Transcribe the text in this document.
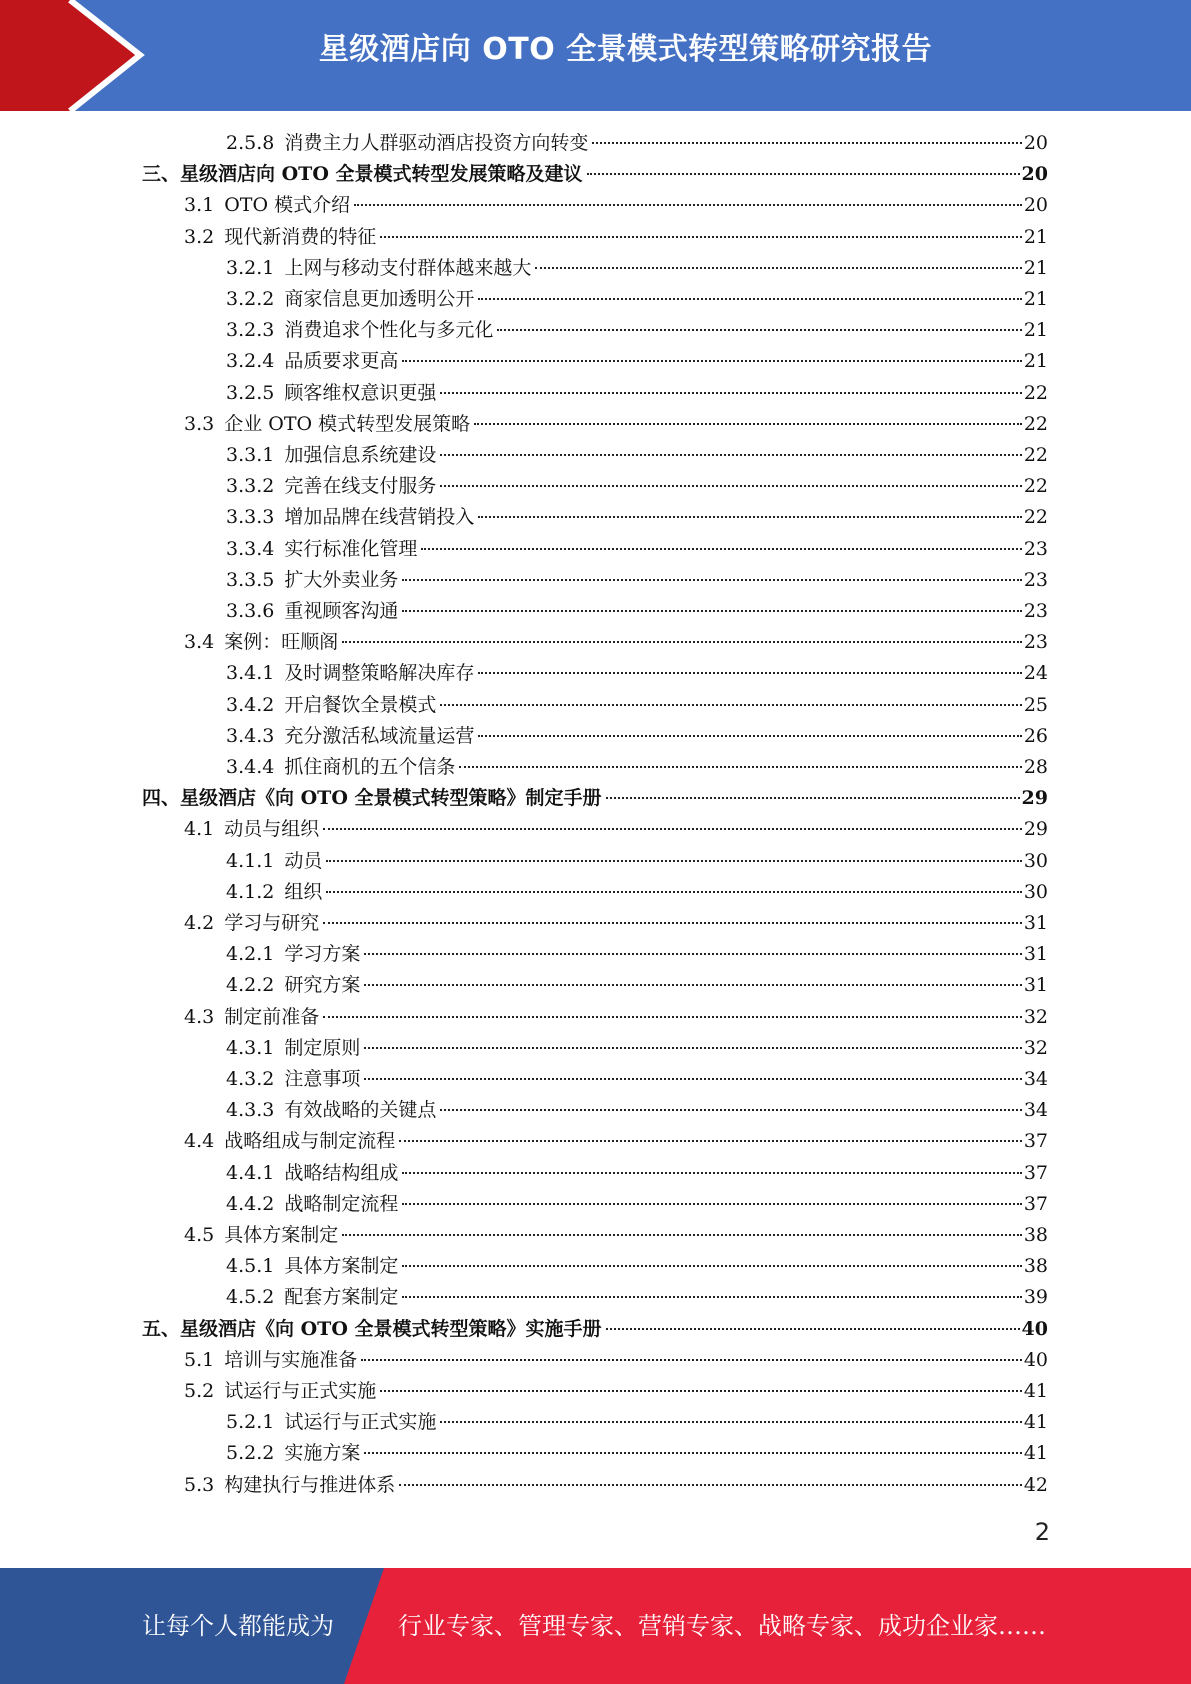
星级酒店向 OTO 全景模式转型策略研究报告
2.5.8 消费主力人群驱动酒店投资方向转变	20
三、 星级酒店向 OTO 全景模式转型发展策略及建议	20
3.1 OTO 模式介绍	20
3.2 现代新消费的特征	21
3.2.1 上网与移动支付群体越来越大	21
3.2.2 商家信息更加透明公开	21
3.2.3 消费追求个性化与多元化	21
3.2.4 品质要求更高	21
3.2.5 顾客维权意识更强	22
3.3 企业 OTO 模式转型发展策略	22
3.3.1 加强信息系统建设	22
3.3.2 完善在线支付服务	22
3.3.3 增加品牌在线营销投入	22
3.3.4 实行标准化管理	23
3.3.5 扩大外卖业务	23
3.3.6 重视顾客沟通	23
3.4 案例：旺顺阁	23
3.4.1 及时调整策略解决库存	24
3.4.2 开启餐饮全景模式	25
3.4.3 充分激活私域流量运营	26
3.4.4 抓住商机的五个信条	28
四、 星级酒店《向 OTO 全景模式转型策略》制定手册	29
4.1 动员与组织	29
4.1.1 动员	30
4.1.2 组织	30
4.2 学习与研究	31
4.2.1 学习方案	31
4.2.2 研究方案	31
4.3 制定前准备	32
4.3.1 制定原则	32
4.3.2 注意事项	34
4.3.3 有效战略的关键点	34
4.4 战略组成与制定流程	37
4.4.1 战略结构组成	37
4.4.2 战略制定流程	37
4.5 具体方案制定	38
4.5.1 具体方案制定	38
4.5.2 配套方案制定	39
五、 星级酒店《向 OTO 全景模式转型策略》实施手册	40
5.1 培训与实施准备	40
5.2 试运行与正式实施	41
5.2.1 试运行与正式实施	41
5.2.2 实施方案	41
5.3 构建执行与推进体系	42
2
让每个人都能成为	行业专家、管理专家、营销专家、战略专家、成功企业家……
